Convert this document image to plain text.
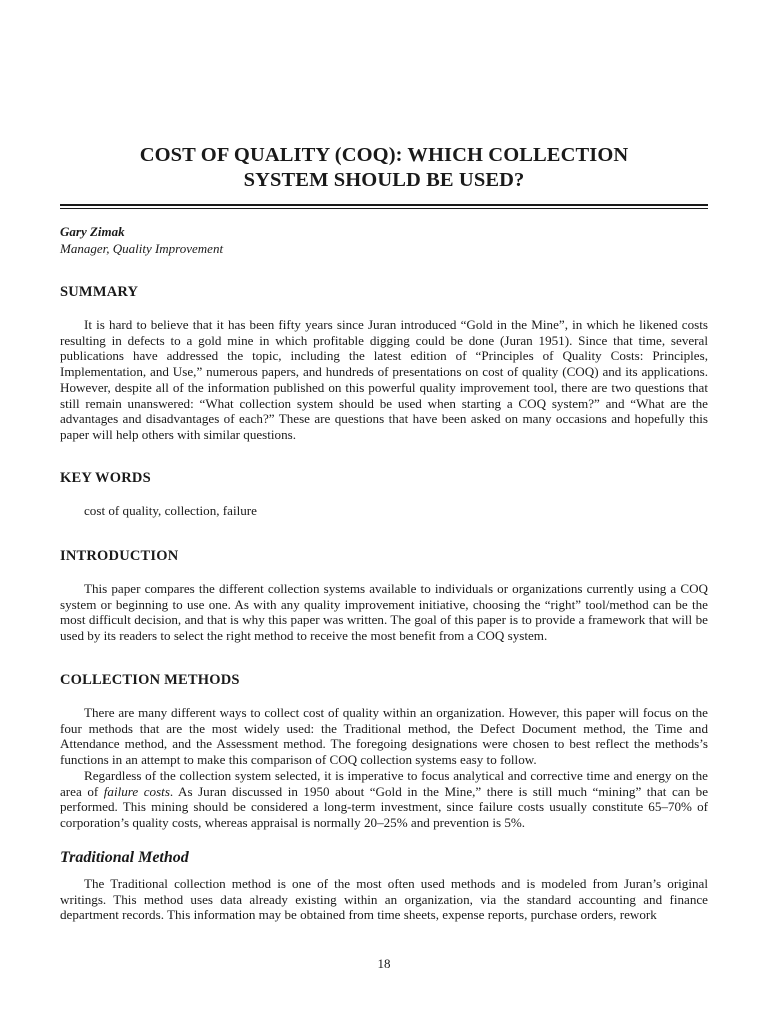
COST OF QUALITY (COQ): WHICH COLLECTION
SYSTEM SHOULD BE USED?
Gary Zimak
Manager, Quality Improvement
SUMMARY

It is hard to believe that it has been fifty years since Juran introduced “Gold in the Mine”, in which he likened costs resulting in defects to a gold mine in which profitable digging could be done (Juran 1951). Since that time, several publications have addressed the topic, including the latest edition of “Principles of Quality Costs: Principles, Implementation, and Use,” numerous papers, and hundreds of presentations on cost of quality (COQ) and its applications. However, despite all of the information published on this powerful quality improvement tool, there are two questions that still remain unanswered: “What collection system should be used when starting a COQ system?” and “What are the advantages and disadvantages of each?” These are questions that have been asked on many occasions and hopefully this paper will help others with similar questions.

KEY WORDS

cost of quality, collection, failure

INTRODUCTION

This paper compares the different collection systems available to individuals or organizations currently using a COQ system or beginning to use one. As with any quality improvement initiative, choosing the “right” tool/method can be the most difficult decision, and that is why this paper was written. The goal of this paper is to provide a framework that will be used by its readers to select the right method to receive the most benefit from a COQ system.

COLLECTION METHODS

There are many different ways to collect cost of quality within an organization. However, this paper will focus on the four methods that are the most widely used: the Traditional method, the Defect Document method, the Time and Attendance method, and the Assessment method. The foregoing designations were chosen to best reflect the methods’s functions in an attempt to make this comparison of COQ collection systems easy to follow.

Regardless of the collection system selected, it is imperative to focus analytical and corrective time and energy on the area of failure costs. As Juran discussed in 1950 about “Gold in the Mine,” there is still much “mining” that can be performed. This mining should be considered a long-term investment, since failure costs usually constitute 65–70% of corporation’s quality costs, whereas appraisal is normally 20–25% and prevention is 5%.

Traditional Method

The Traditional collection method is one of the most often used methods and is modeled from Juran’s original writings. This method uses data already existing within an organization, via the standard accounting and finance department records. This information may be obtained from time sheets, expense reports, purchase orders, rework

18
